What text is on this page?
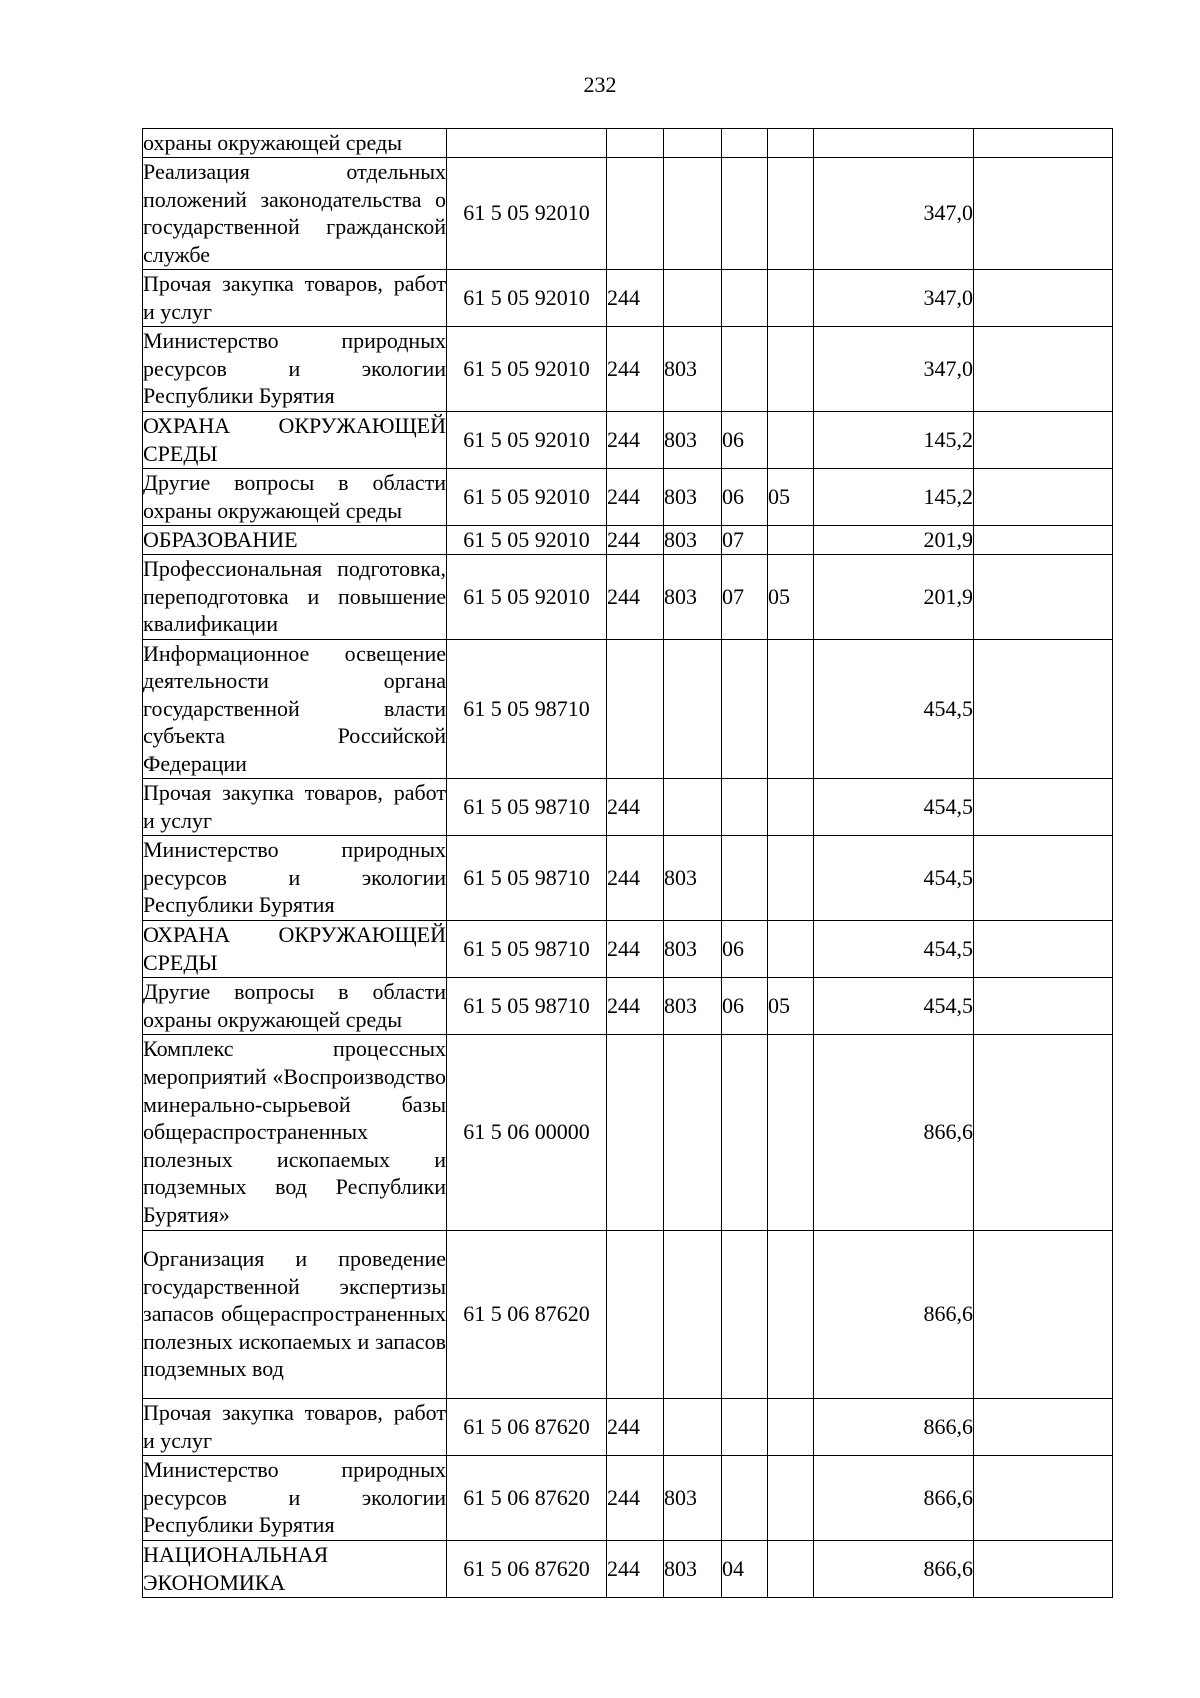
232
охраны окружающей среды							
Реализация отдельных положений законодательства о государственной гражданской службе	61 5 05 92010					347,0	
Прочая закупка товаров, работ и услуг	61 5 05 92010	244				347,0	
Министерство природных ресурсов и экологии Республики Бурятия	61 5 05 92010	244	803			347,0	
ОХРАНА ОКРУЖАЮЩЕЙ СРЕДЫ	61 5 05 92010	244	803	06		145,2	
Другие вопросы в области охраны окружающей среды	61 5 05 92010	244	803	06	05	145,2	
ОБРАЗОВАНИЕ	61 5 05 92010	244	803	07		201,9	
Профессиональная подготовка, переподготовка и повышение квалификации	61 5 05 92010	244	803	07	05	201,9	
Информационное освещение деятельности органа государственной власти субъекта Российской Федерации	61 5 05 98710					454,5	
Прочая закупка товаров, работ и услуг	61 5 05 98710	244				454,5	
Министерство природных ресурсов и экологии Республики Бурятия	61 5 05 98710	244	803			454,5	
ОХРАНА ОКРУЖАЮЩЕЙ СРЕДЫ	61 5 05 98710	244	803	06		454,5	
Другие вопросы в области охраны окружающей среды	61 5 05 98710	244	803	06	05	454,5	
Комплекс процессных мероприятий «Воспроизводство минерально-сырьевой базы общераспространенных полезных ископаемых и подземных вод Республики Бурятия»	61 5 06 00000					866,6	
Организация и проведение государственной экспертизы запасов общераспространенных полезных ископаемых и запасов подземных вод	61 5 06 87620					866,6	
Прочая закупка товаров, работ и услуг	61 5 06 87620	244				866,6	
Министерство природных ресурсов и экологии Республики Бурятия	61 5 06 87620	244	803			866,6	
НАЦИОНАЛЬНАЯ ЭКОНОМИКА	61 5 06 87620	244	803	04		866,6	
